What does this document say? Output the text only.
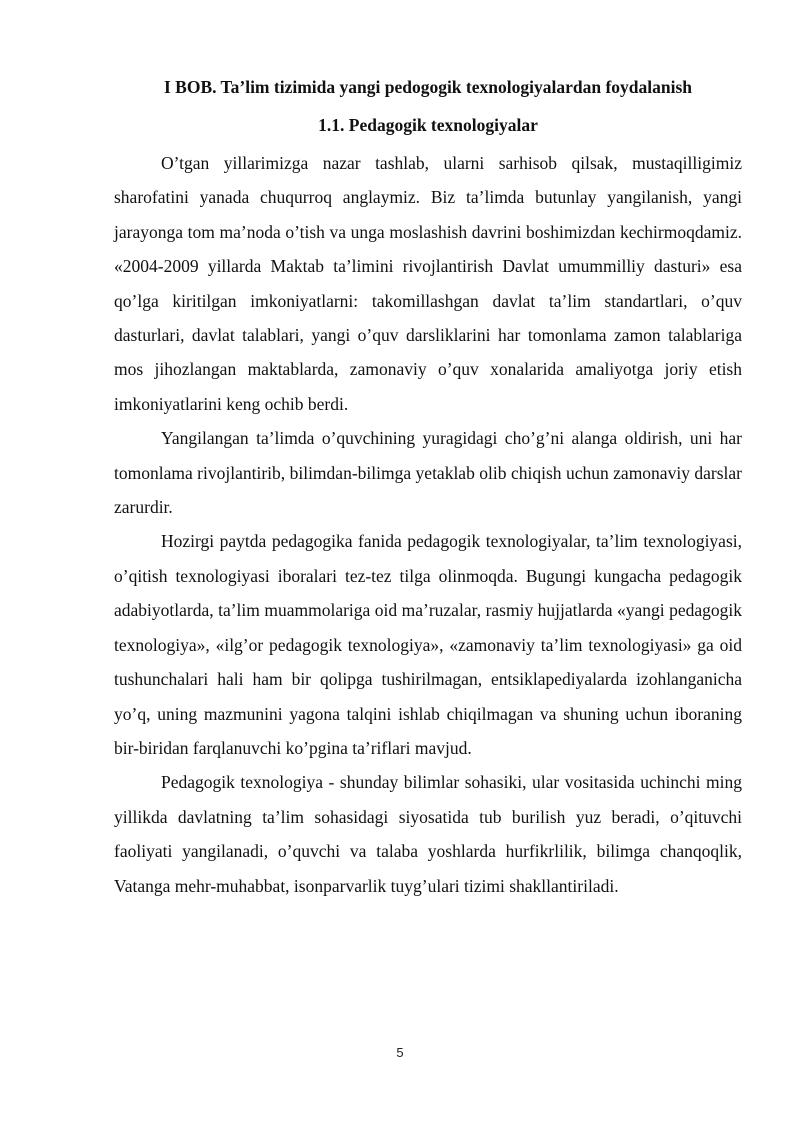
I BOB. Ta’lim tizimida yangi pedogogik texnologiyalardan foydalanish
1.1. Pedagogik texnologiyalar

O’tgan yillarimizga nazar tashlab, ularni sarhisob qilsak, mustaqilligimiz sharofatini yanada chuqurroq anglaymiz. Biz ta’limda butunlay yangilanish, yangi jarayonga tom ma’noda o’tish va unga moslashish davrini boshimizdan kechirmoqdamiz. «2004-2009 yillarda Maktab ta’limini rivojlantirish Davlat umummilliy dasturi» esa qo’lga kiritilgan imkoniyatlarni: takomillashgan davlat ta’lim standartlari, o’quv dasturlari, davlat talablari, yangi o’quv darsliklarini har tomonlama zamon talablariga mos jihozlangan maktablarda, zamonaviy o’quv xonalarida amaliyotga joriy etish imkoniyatlarini keng ochib berdi.

Yangilangan ta’limda o’quvchining yuragidagi cho’g’ni alanga oldirish, uni har tomonlama rivojlantirib, bilimdan-bilimga yetaklab olib chiqish uchun zamonaviy darslar zarurdir.

Hozirgi paytda pedagogika fanida pedagogik texnologiyalar, ta’lim texnologiyasi, o’qitish texnologiyasi iboralari tez-tez tilga olinmoqda. Bugungi kungacha pedagogik adabiyotlarda, ta’lim muammolariga oid ma’ruzalar, rasmiy hujjatlarda «yangi pedagogik texnologiya», «ilg’or pedagogik texnologiya», «zamonaviy ta’lim texnologiyasi» ga oid tushunchalari hali ham bir qolipga tushirilmagan, entsiklapediyalarda izohlanganicha yo’q, uning mazmunini yagona talqini ishlab chiqilmagan va shuning uchun iboraning bir-biridan farqlanuvchi ko’pgina ta’riflari mavjud.

Pedagogik texnologiya - shunday bilimlar sohasiki, ular vositasida uchinchi ming yillikda davlatning ta’lim sohasidagi siyosatida tub burilish yuz beradi, o’qituvchi faoliyati yangilanadi, o’quvchi va talaba yoshlarda hurfikrlilik, bilimga chanqoqlik, Vatanga mehr-muhabbat, isonparvarlik tuyg’ulari tizimi shakllantiriladi.

5
